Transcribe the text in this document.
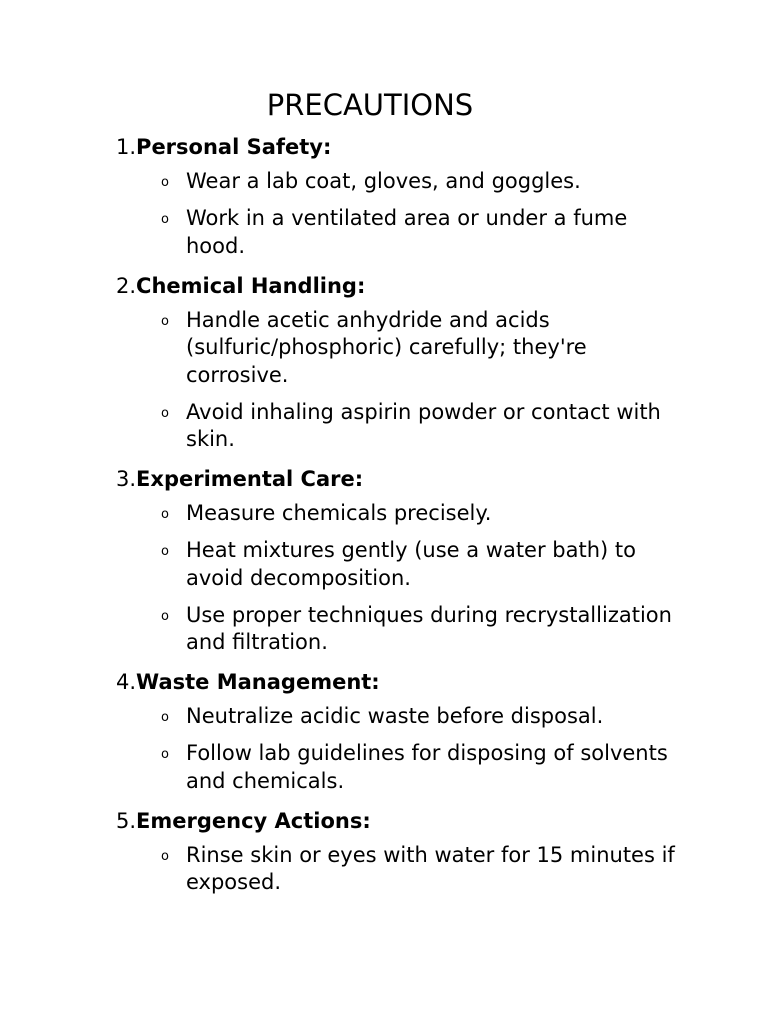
PRECAUTIONS
1.Personal Safety:
o Wear a lab coat, gloves, and goggles.
o Work in a ventilated area or under a fume hood.
2.Chemical Handling:
o Handle acetic anhydride and acids (sulfuric/phosphoric) carefully; they're corrosive.
o Avoid inhaling aspirin powder or contact with skin.
3.Experimental Care:
o Measure chemicals precisely.
o Heat mixtures gently (use a water bath) to avoid decomposition.
o Use proper techniques during recrystallization and filtration.
4.Waste Management:
o Neutralize acidic waste before disposal.
o Follow lab guidelines for disposing of solvents and chemicals.
5.Emergency Actions:
o Rinse skin or eyes with water for 15 minutes if exposed.
